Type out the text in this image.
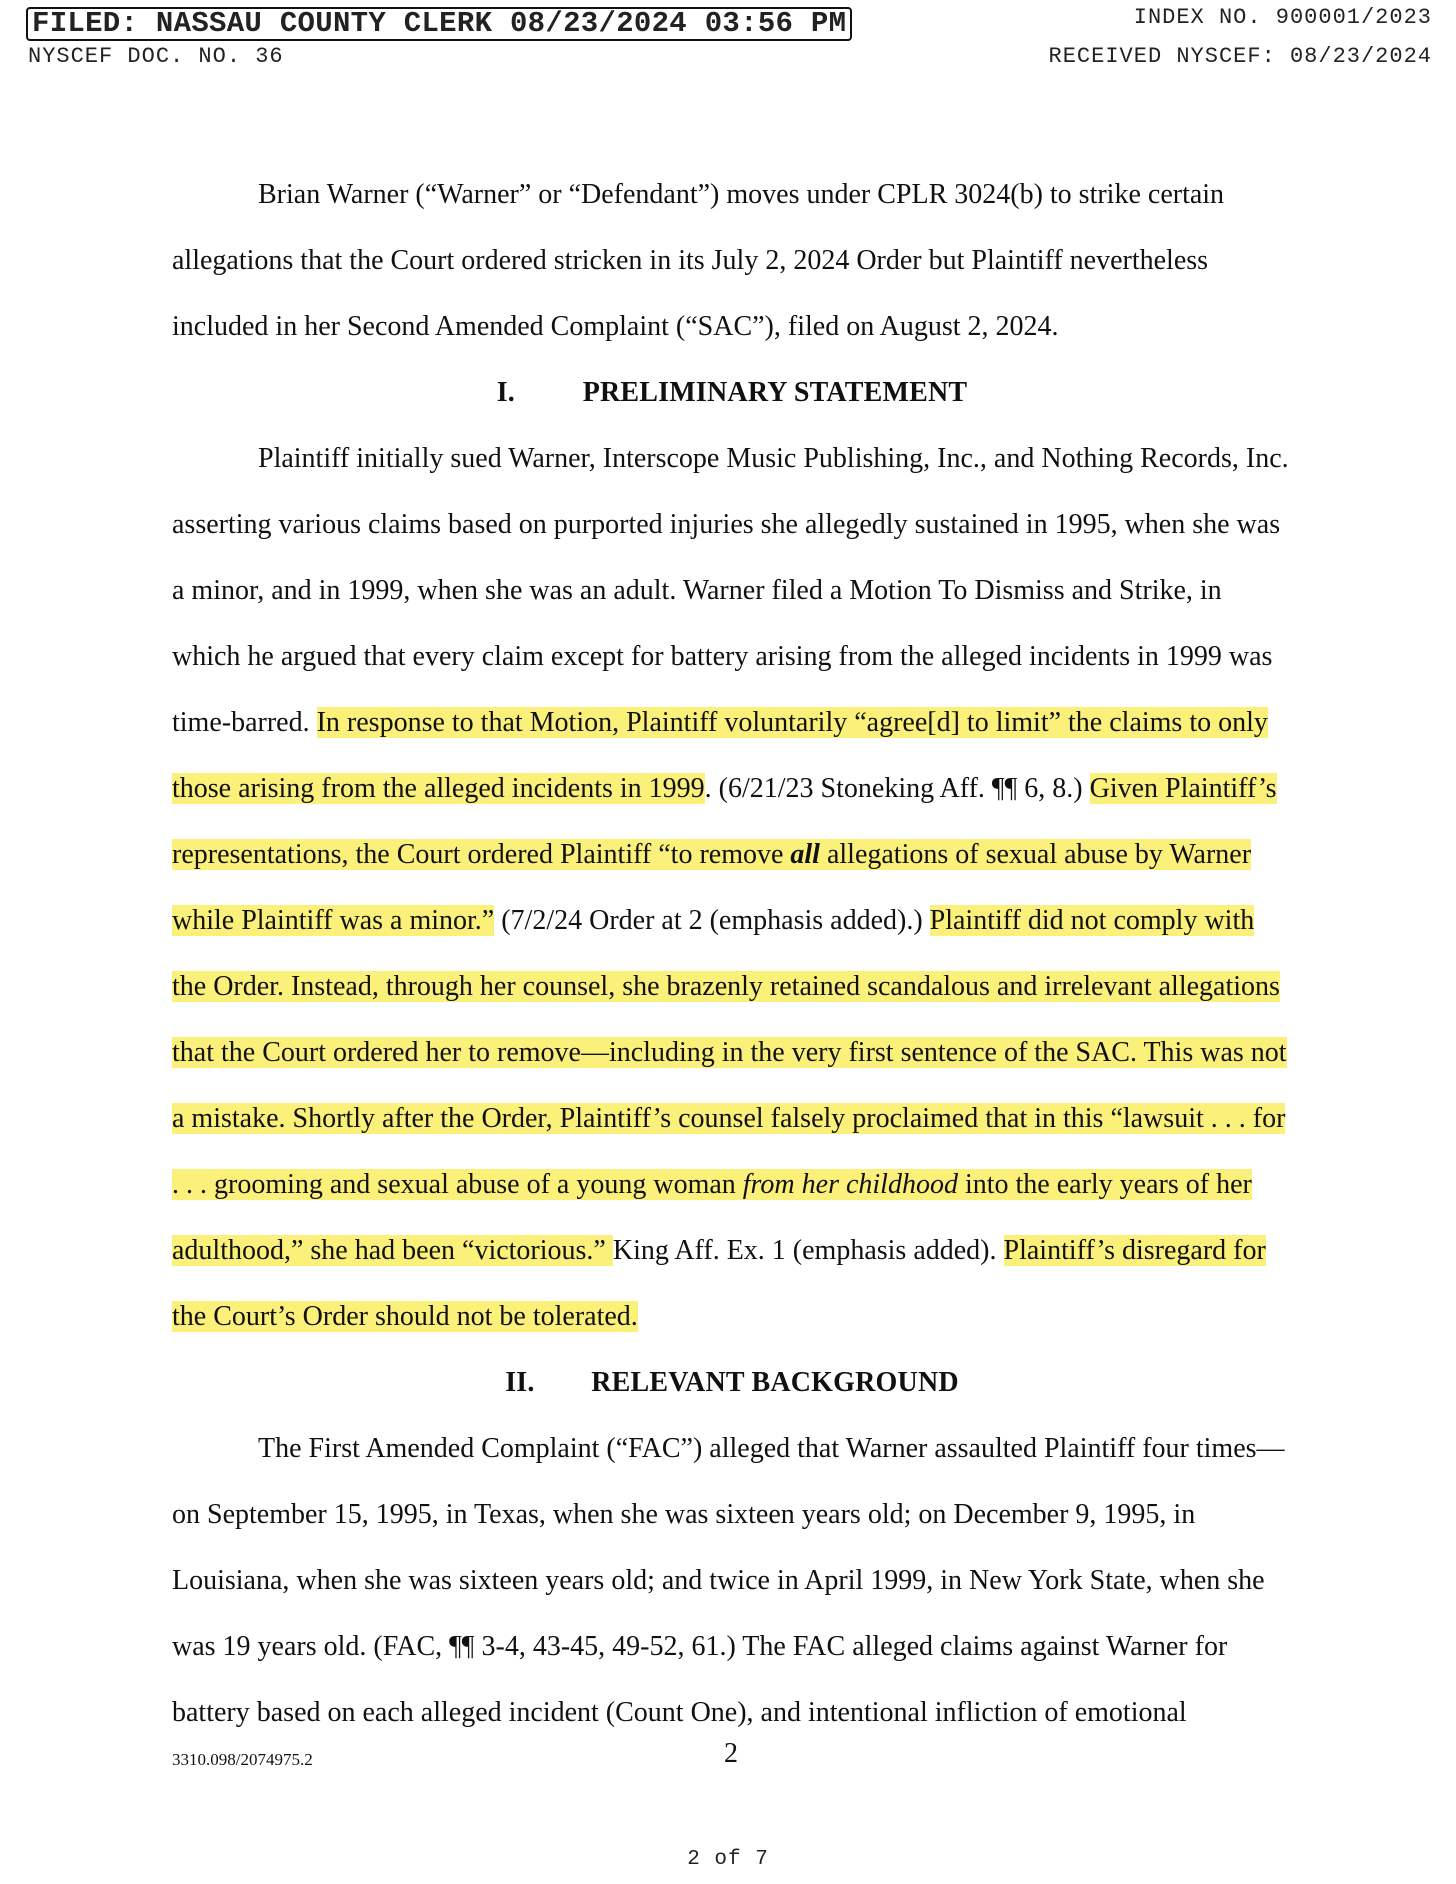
FILED: NASSAU COUNTY CLERK 08/23/2024 03:56 PM
NYSCEF DOC. NO. 36
INDEX NO. 900001/2023
RECEIVED NYSCEF: 08/23/2024

Brian Warner (“Warner” or “Defendant”) moves under CPLR 3024(b) to strike certain allegations that the Court ordered stricken in its July 2, 2024 Order but Plaintiff nevertheless included in her Second Amended Complaint (“SAC”), filed on August 2, 2024.

I. PRELIMINARY STATEMENT

Plaintiff initially sued Warner, Interscope Music Publishing, Inc., and Nothing Records, Inc. asserting various claims based on purported injuries she allegedly sustained in 1995, when she was a minor, and in 1999, when she was an adult. Warner filed a Motion To Dismiss and Strike, in which he argued that every claim except for battery arising from the alleged incidents in 1999 was time-barred. In response to that Motion, Plaintiff voluntarily “agree[d] to limit” the claims to only those arising from the alleged incidents in 1999. (6/21/23 Stoneking Aff. ¶¶ 6, 8.) Given Plaintiff’s representations, the Court ordered Plaintiff “to remove all allegations of sexual abuse by Warner while Plaintiff was a minor.” (7/2/24 Order at 2 (emphasis added).) Plaintiff did not comply with the Order. Instead, through her counsel, she brazenly retained scandalous and irrelevant allegations that the Court ordered her to remove—including in the very first sentence of the SAC. This was not a mistake. Shortly after the Order, Plaintiff’s counsel falsely proclaimed that in this “lawsuit . . . for . . . grooming and sexual abuse of a young woman from her childhood into the early years of her adulthood,” she had been “victorious.” King Aff. Ex. 1 (emphasis added). Plaintiff’s disregard for the Court’s Order should not be tolerated.

II. RELEVANT BACKGROUND

The First Amended Complaint (“FAC”) alleged that Warner assaulted Plaintiff four times—on September 15, 1995, in Texas, when she was sixteen years old; on December 9, 1995, in Louisiana, when she was sixteen years old; and twice in April 1999, in New York State, when she was 19 years old. (FAC, ¶¶ 3-4, 43-45, 49-52, 61.) The FAC alleged claims against Warner for battery based on each alleged incident (Count One), and intentional infliction of emotional

3310.098/2074975.2	2
2 of 7
